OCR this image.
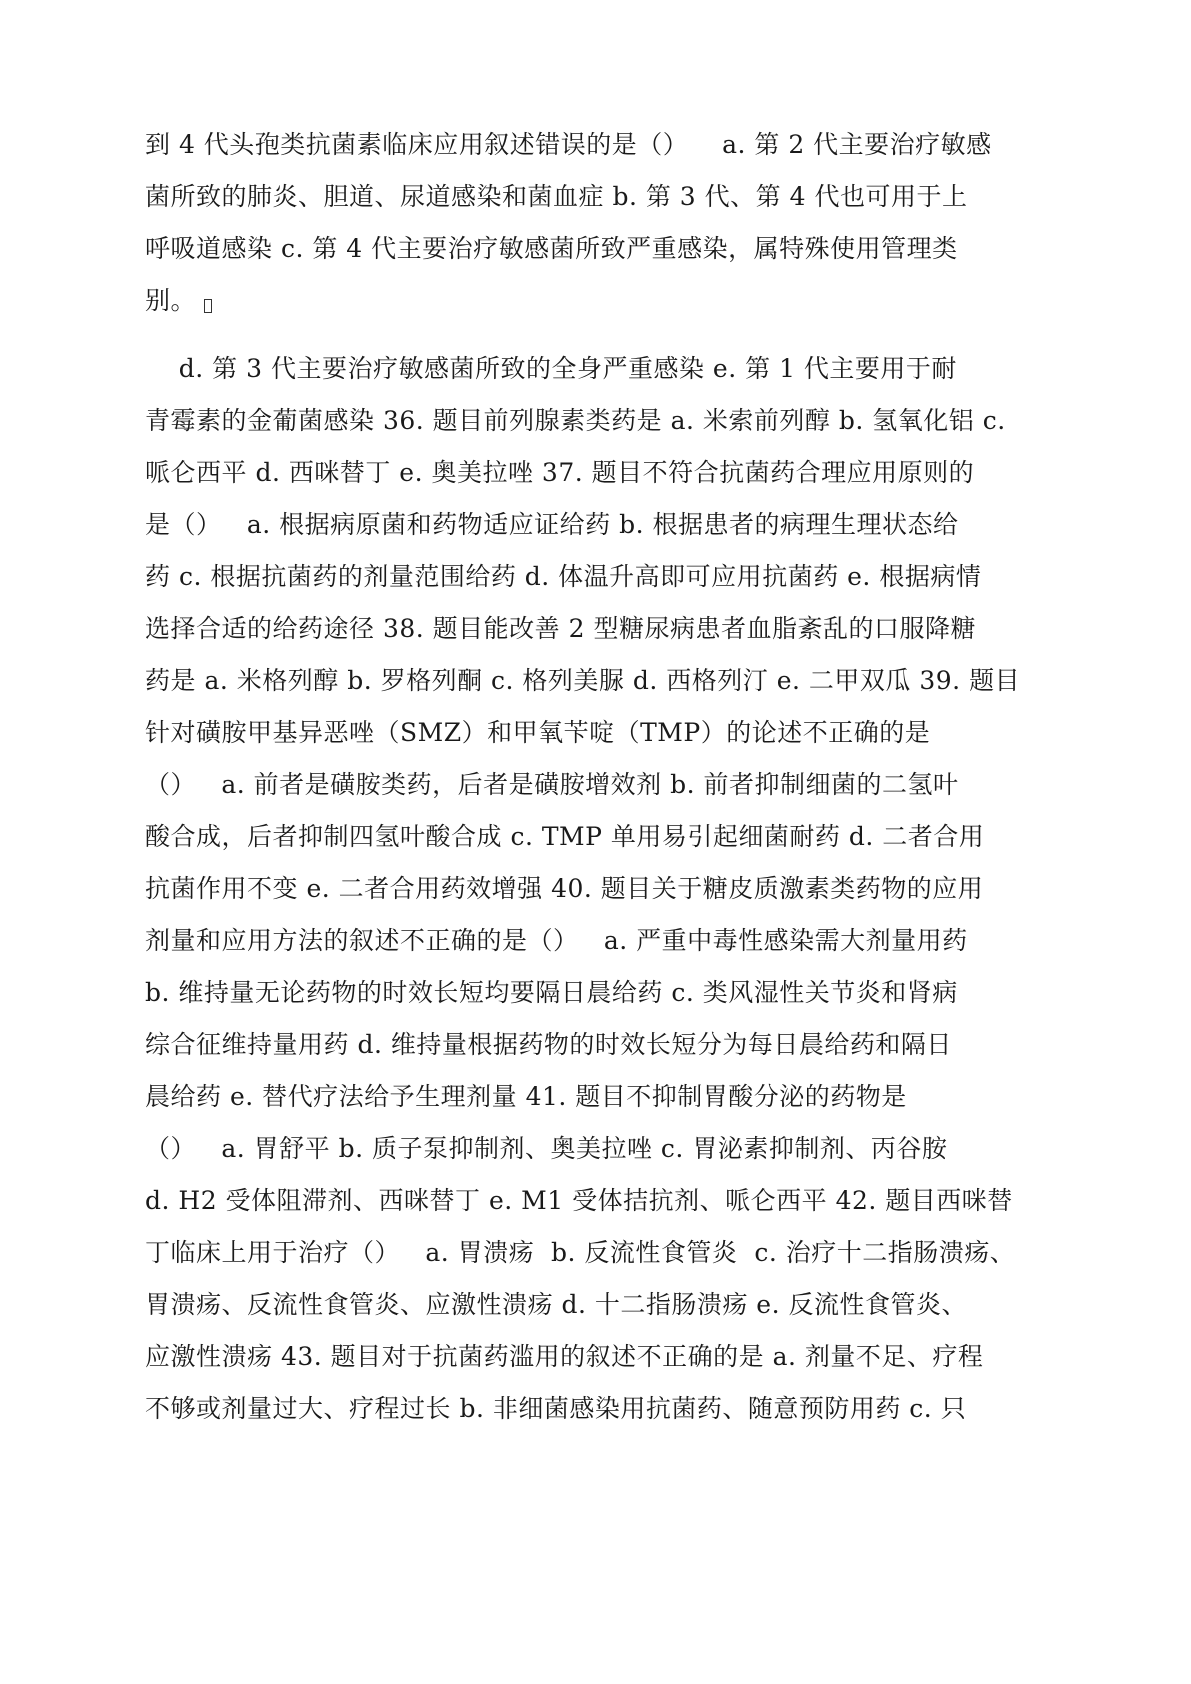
到 4 代头孢类抗菌素临床应用叙述错误的是（）    a. 第 2 代主要治疗敏感
菌所致的肺炎、胆道、尿道感染和菌血症 b. 第 3 代、第 4 代也可用于上
呼吸道感染 c. 第 4 代主要治疗敏感菌所致严重感染，属特殊使用管理类
别。
d. 第 3 代主要治疗敏感菌所致的全身严重感染 e. 第 1 代主要用于耐
青霉素的金葡菌感染 36. 题目前列腺素类药是 a. 米索前列醇 b. 氢氧化铝 c.
哌仑西平 d. 西咪替丁 e. 奥美拉唑 37. 题目不符合抗菌药合理应用原则的
是（）   a. 根据病原菌和药物适应证给药 b. 根据患者的病理生理状态给
药 c. 根据抗菌药的剂量范围给药 d. 体温升高即可应用抗菌药 e. 根据病情
选择合适的给药途径 38. 题目能改善 2 型糖尿病患者血脂紊乱的口服降糖
药是 a. 米格列醇 b. 罗格列酮 c. 格列美脲 d. 西格列汀 e. 二甲双瓜 39. 题目
针对磺胺甲基异恶唑（SMZ）和甲氧苄啶（TMP）的论述不正确的是
（）   a. 前者是磺胺类药，后者是磺胺增效剂 b. 前者抑制细菌的二氢叶
酸合成，后者抑制四氢叶酸合成 c. TMP 单用易引起细菌耐药 d. 二者合用
抗菌作用不变 e. 二者合用药效增强 40. 题目关于糖皮质激素类药物的应用
剂量和应用方法的叙述不正确的是（）   a. 严重中毒性感染需大剂量用药
b. 维持量无论药物的时效长短均要隔日晨给药 c. 类风湿性关节炎和肾病
综合征维持量用药 d. 维持量根据药物的时效长短分为每日晨给药和隔日
晨给药 e. 替代疗法给予生理剂量 41. 题目不抑制胃酸分泌的药物是
（）   a. 胃舒平 b. 质子泵抑制剂、奥美拉唑 c. 胃泌素抑制剂、丙谷胺
d. H2 受体阻滞剂、西咪替丁 e. M1 受体拮抗剂、哌仑西平 42. 题目西咪替
丁临床上用于治疗（）   a. 胃溃疡  b. 反流性食管炎  c. 治疗十二指肠溃疡、
胃溃疡、反流性食管炎、应激性溃疡 d. 十二指肠溃疡 e. 反流性食管炎、
应激性溃疡 43. 题目对于抗菌药滥用的叙述不正确的是 a. 剂量不足、疗程
不够或剂量过大、疗程过长 b. 非细菌感染用抗菌药、随意预防用药 c. 只
